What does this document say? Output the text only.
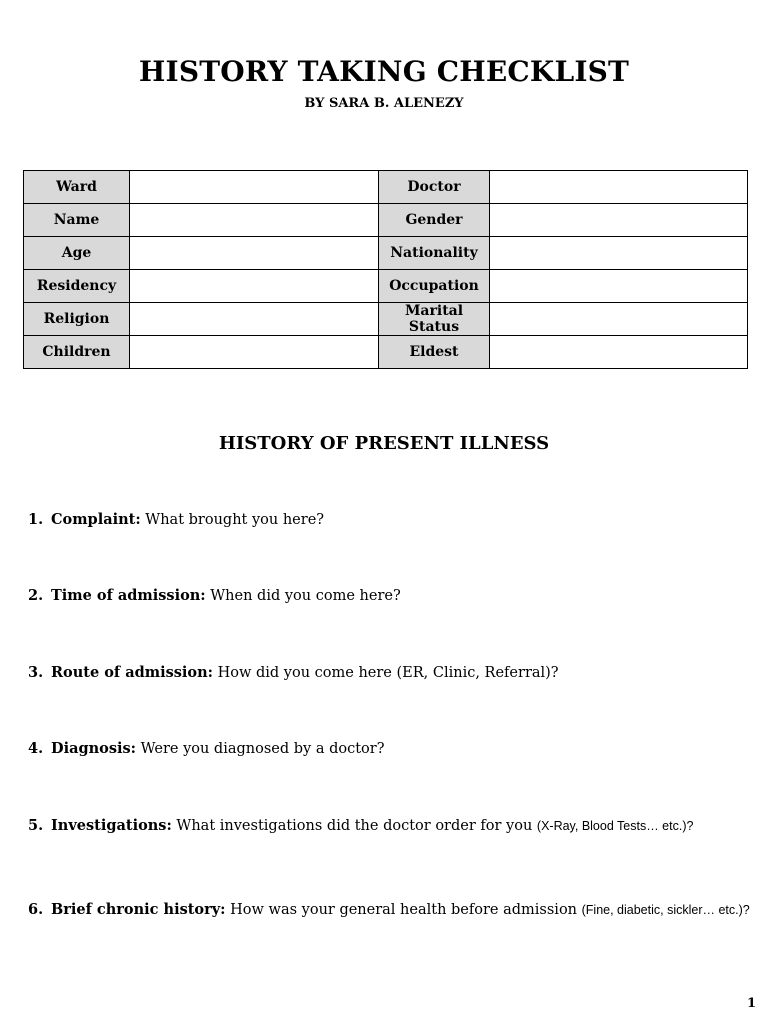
HISTORY TAKING CHECKLIST
BY SARA B. ALENEZY
Ward		Doctor	
Name		Gender	
Age		Nationality	
Residency		Occupation	
Religion		Marital Status	
Children		Eldest	
HISTORY OF PRESENT ILLNESS
1. Complaint: What brought you here?
2. Time of admission: When did you come here?
3. Route of admission: How did you come here (ER, Clinic, Referral)?
4. Diagnosis: Were you diagnosed by a doctor?
5. Investigations: What investigations did the doctor order for you (X-Ray, Blood Tests… etc.)?
6. Brief chronic history: How was your general health before admission (Fine, diabetic, sickler… etc.)?
1
